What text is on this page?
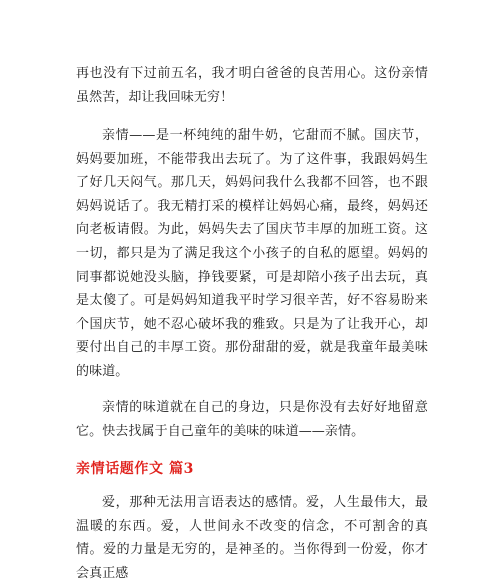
再也没有下过前五名，我才明白爸爸的良苦用心。这份亲情虽然苦，却让我回味无穷！

亲情——是一杯纯纯的甜牛奶，它甜而不腻。国庆节，妈妈要加班，不能带我出去玩了。为了这件事，我跟妈妈生了好几天闷气。那几天，妈妈问我什么我都不回答，也不跟妈妈说话了。我无精打采的模样让妈妈心痛，最终，妈妈还向老板请假。为此，妈妈失去了国庆节丰厚的加班工资。这一切，都只是为了满足我这个小孩子的自私的愿望。妈妈的同事都说她没头脑，挣钱要紧，可是却陪小孩子出去玩，真是太傻了。可是妈妈知道我平时学习很辛苦，好不容易盼来个国庆节，她不忍心破坏我的雅致。只是为了让我开心，却要付出自己的丰厚工资。那份甜甜的爱，就是我童年最美味的味道。

亲情的味道就在自己的身边，只是你没有去好好地留意它。快去找属于自己童年的美味的味道——亲情。

亲情话题作文 篇3

爱，那种无法用言语表达的感情。爱，人生最伟大，最温暖的东西。爱，人世间永不改变的信念，不可割舍的真情。爱的力量是无穷的，是神圣的。当你得到一份爱，你才会真正感
